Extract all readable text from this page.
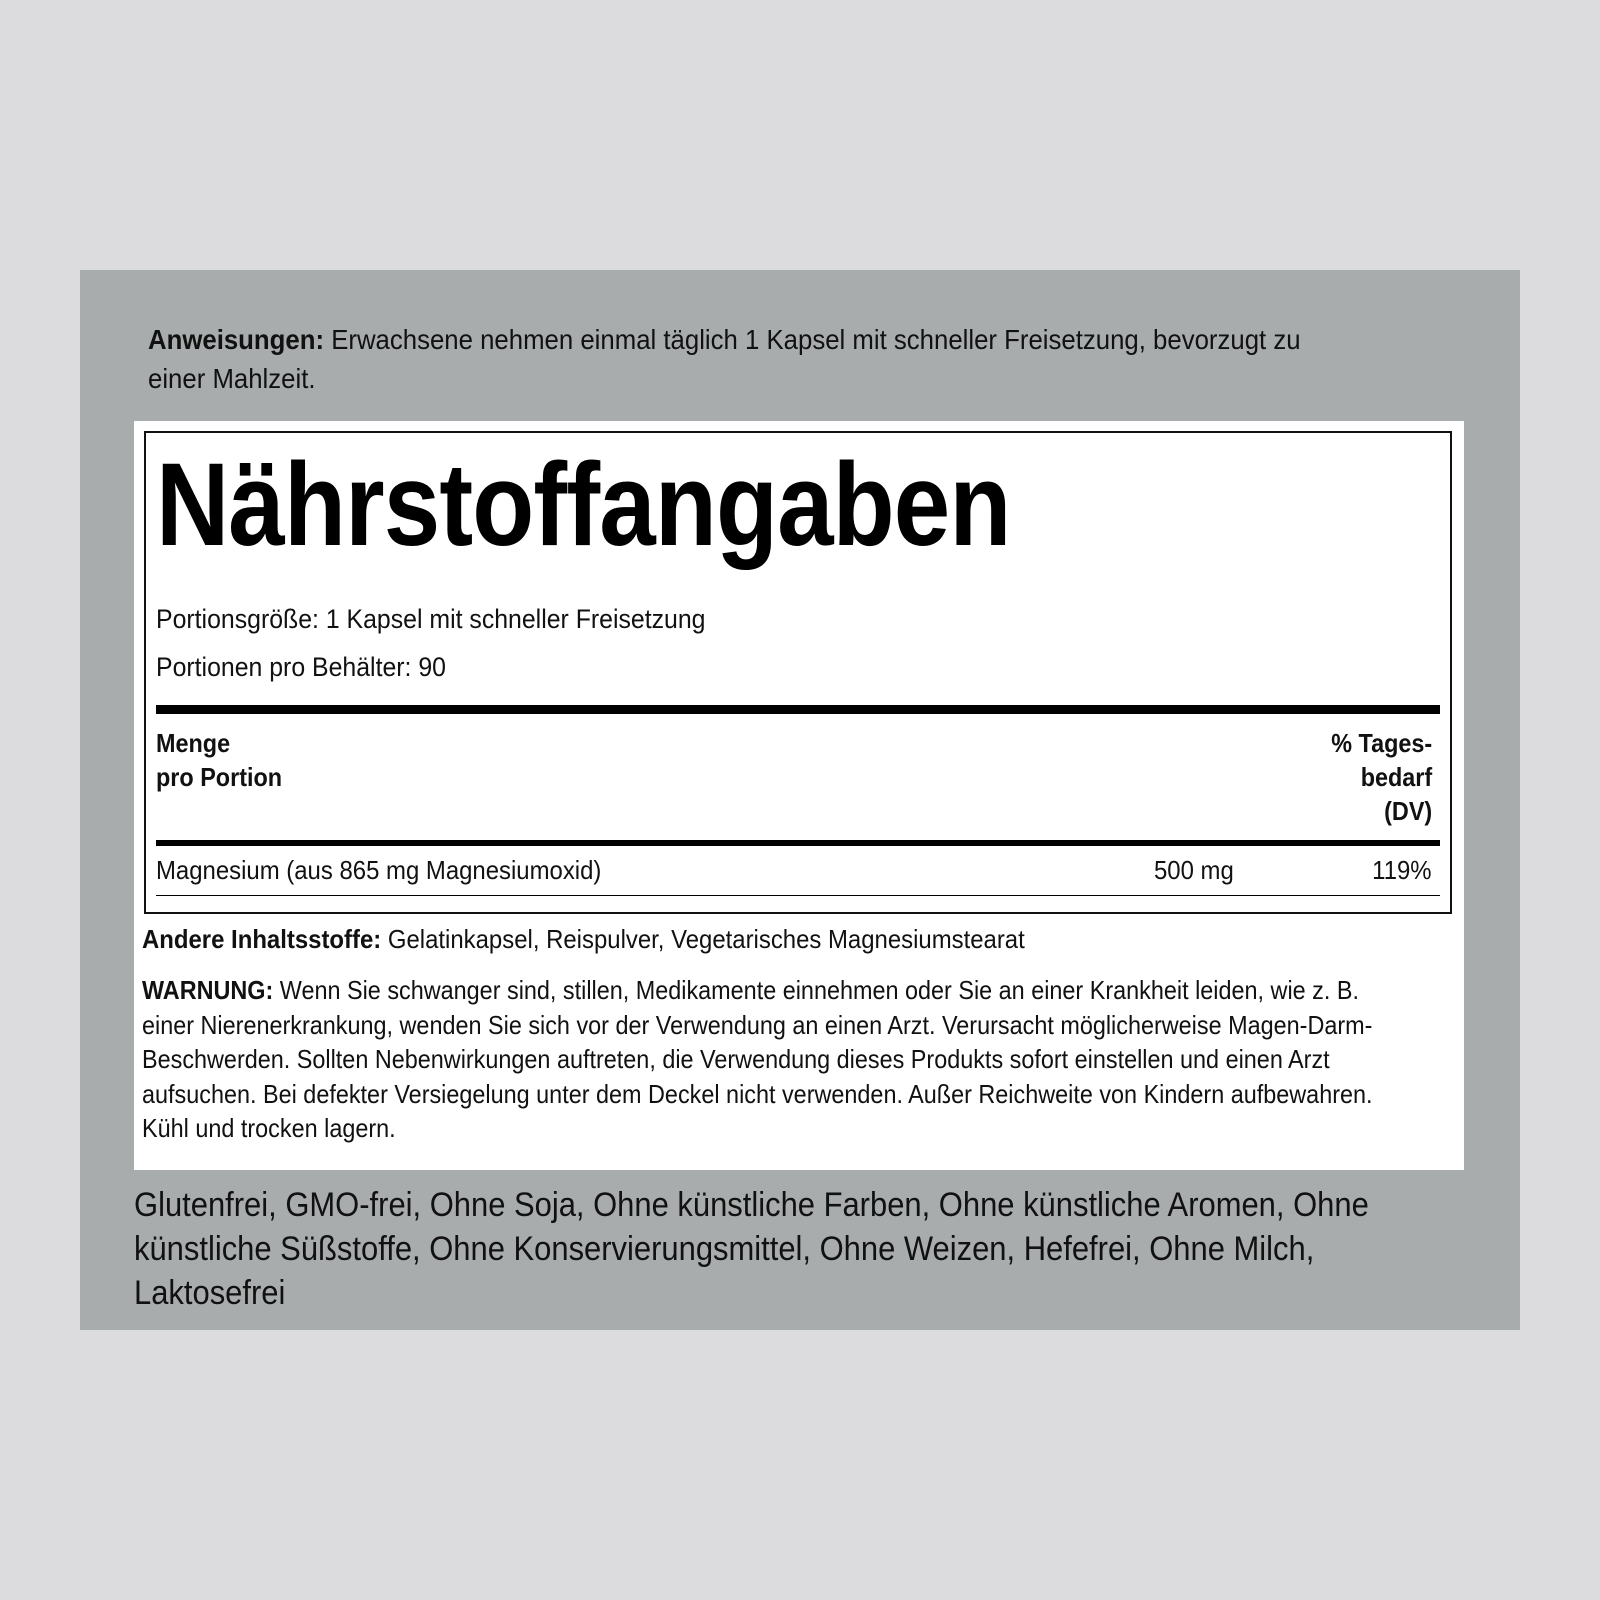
Anweisungen: Erwachsene nehmen einmal täglich 1 Kapsel mit schneller Freisetzung, bevorzugt zu einer Mahlzeit.
Nährstoffangaben
Portionsgröße: 1 Kapsel mit schneller Freisetzung
Portionen pro Behälter: 90
Menge
pro Portion
% Tages-
bedarf
(DV)
Magnesium (aus 865 mg Magnesiumoxid)	500 mg	119%
Andere Inhaltsstoffe: Gelatinkapsel, Reispulver, Vegetarisches Magnesiumstearat
WARNUNG: Wenn Sie schwanger sind, stillen, Medikamente einnehmen oder Sie an einer Krankheit leiden, wie z. B. einer Nierenerkrankung, wenden Sie sich vor der Verwendung an einen Arzt. Verursacht möglicherweise Magen-Darm-Beschwerden. Sollten Nebenwirkungen auftreten, die Verwendung dieses Produkts sofort einstellen und einen Arzt aufsuchen. Bei defekter Versiegelung unter dem Deckel nicht verwenden. Außer Reichweite von Kindern aufbewahren. Kühl und trocken lagern.
Glutenfrei, GMO-frei, Ohne Soja, Ohne künstliche Farben, Ohne künstliche Aromen, Ohne künstliche Süßstoffe, Ohne Konservierungsmittel, Ohne Weizen, Hefefrei, Ohne Milch, Laktosefrei
